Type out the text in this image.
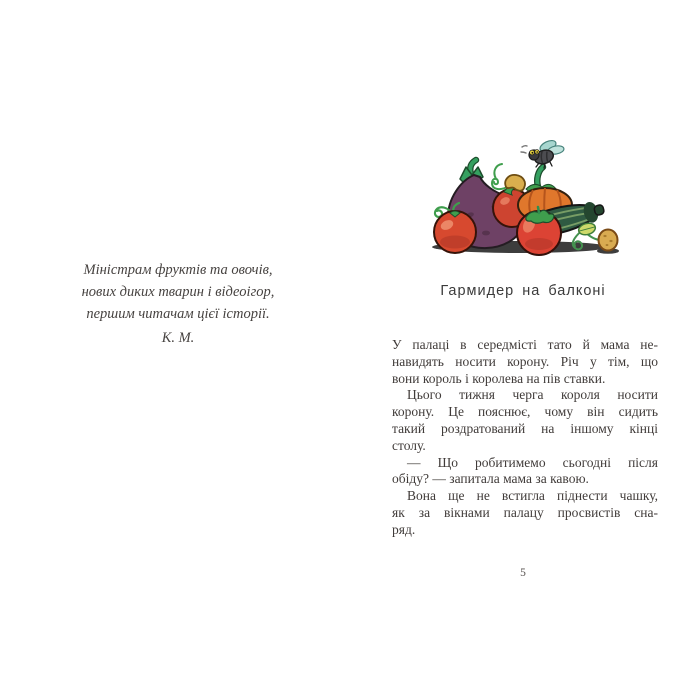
Міністрам фруктів та овочів,
нових диких тварин і відеоігор,
першим читачам цієї історії.
К. М.
Гармидер на балконі
У палаці в середмісті тато й мама не-
навидять носити корону. Річ у тім, що
вони король і королева на пів ставки.
Цього тижня черга короля носити
корону. Це пояснює, чому він сидить
такий роздратований на іншому кінці
столу.
— Що робитимемо сьогодні після
обіду? — запитала мама за кавою.
Вона ще не встигла піднести чашку,
як за вікнами палацу просвистів сна-
ряд.
5
